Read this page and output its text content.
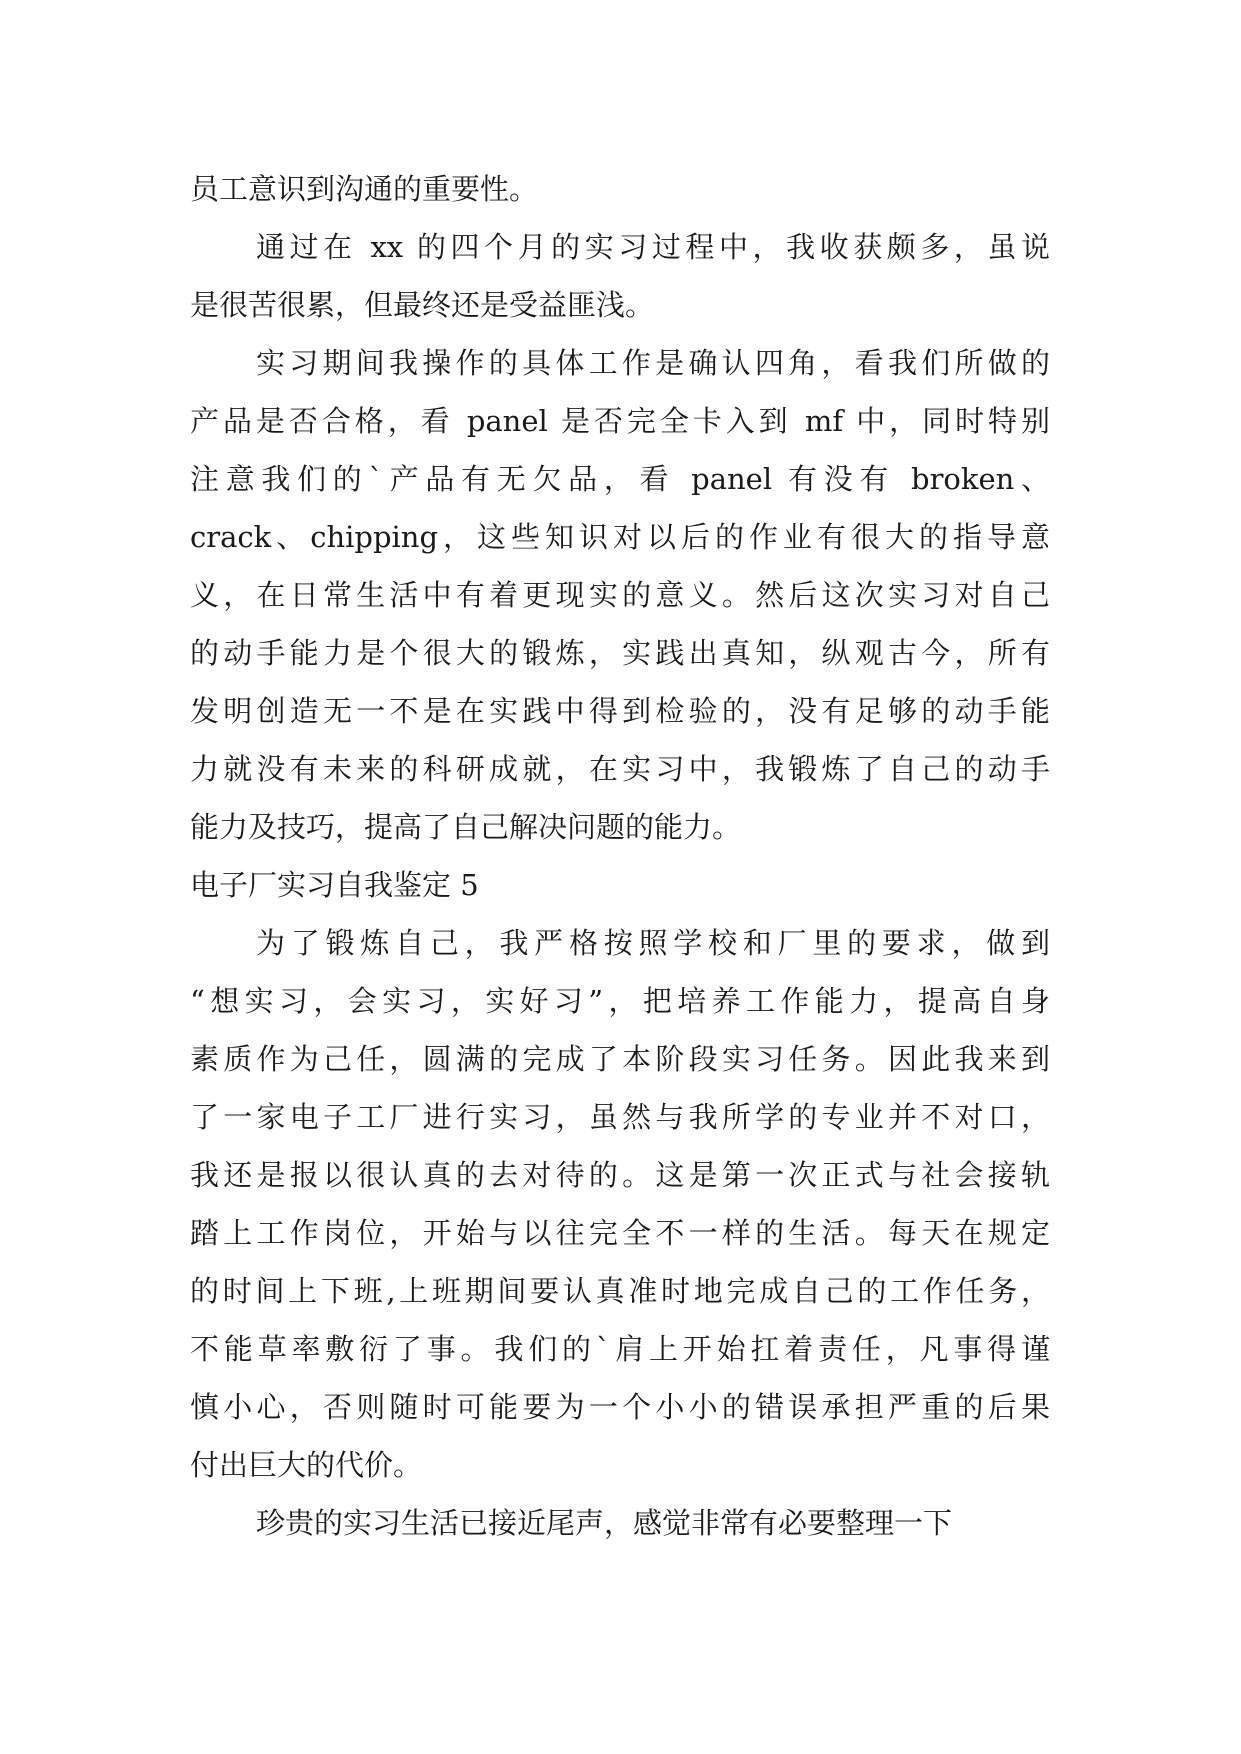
员工意识到沟通的重要性。
通过在 xx 的四个月的实习过程中，我收获颇多，虽说
是很苦很累，但最终还是受益匪浅。
实习期间我操作的具体工作是确认四角，看我们所做的
产品是否合格，看 panel 是否完全卡入到 mf 中，同时特别
注意我们的`产品有无欠品，看 panel 有没有 broken、
crack、chipping，这些知识对以后的作业有很大的指导意
义，在日常生活中有着更现实的意义。然后这次实习对自己
的动手能力是个很大的锻炼，实践出真知，纵观古今，所有
发明创造无一不是在实践中得到检验的，没有足够的动手能
力就没有未来的科研成就，在实习中，我锻炼了自己的动手
能力及技巧，提高了自己解决问题的能力。
电子厂实习自我鉴定 5
为了锻炼自己，我严格按照学校和厂里的要求，做到
“想实习，会实习，实好习”，把培养工作能力，提高自身
素质作为己任，圆满的完成了本阶段实习任务。因此我来到
了一家电子工厂进行实习，虽然与我所学的专业并不对口，
我还是报以很认真的去对待的。这是第一次正式与社会接轨
踏上工作岗位，开始与以往完全不一样的生活。每天在规定
的时间上下班,上班期间要认真准时地完成自己的工作任务，
不能草率敷衍了事。我们的`肩上开始扛着责任，凡事得谨
慎小心，否则随时可能要为一个小小的错误承担严重的后果
付出巨大的代价。
珍贵的实习生活已接近尾声，感觉非常有必要整理一下
